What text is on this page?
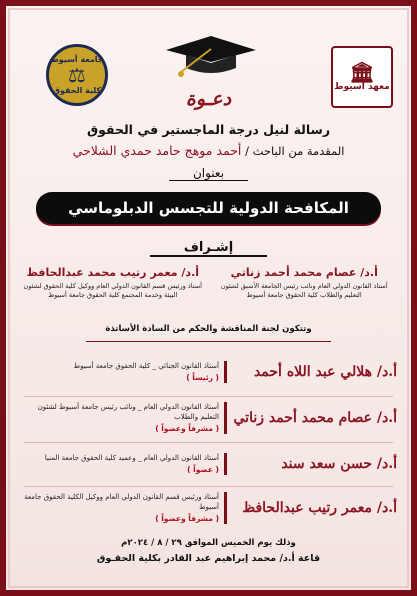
🏛
معهد أسيوط
جامعة أسيوط
⚖
كلية الحقوق	دعـوة
رسالة لنيل درجة الماجستير في الحقوق
المقدمة من الباحث / أحمد موهج حامد حمدي الشلاحي
بعنوان
المكافحة الدولية للتجسس الدبلوماسي
إشـراف
أ.د/ عصام محمد أحمد زناتي
أستاذ القانون الدولي العام ونائب رئيس الجامعة الأسبق لشئون التعليم والطلاب كلية الحقوق جامعة أسيوط
أ.د/ معمر رتيب محمد عبدالحافظ
أستاذ ورئيس قسم القانون الدولي العام ووكيل كلية الحقوق لشئون البيئة وخدمة المجتمع كلية الحقوق جامعة أسيوط
وتتكون لجنة المناقشة والحكم من السادة الأساتذة
أ.د/ هلالي عبد اللاه أحمد
أستاذ القانون الجنائي _ كلية الحقوق جامعة أسيوط
( رئيساً )
أ.د/ عصام محمد أحمد زناتي
أستاذ القانون الدولي العام _ ونائب رئيس جامعة أسيوط لشئون التعليم والطلاب
( مشرفاً وعضواً )
أ.د/ حسن سعد سند
أستاذ القانون الدولي العام _ وعميد كلية الحقوق جامعة المنيا
( عضواً )
أ.د/ معمر رتيب عبدالحافظ
أستاذ ورئيس قسم القانون الدولي العام ووكيل الكلية الحقوق جامعة أسيوط
( مشرفاً وعضواً )
وذلك يوم الخميس الموافق ٢٩ / ٨ / ٢٠٢٤م
قاعة أ.د/ محمد إبراهيم عبد القادر بكلية الحقـوق
